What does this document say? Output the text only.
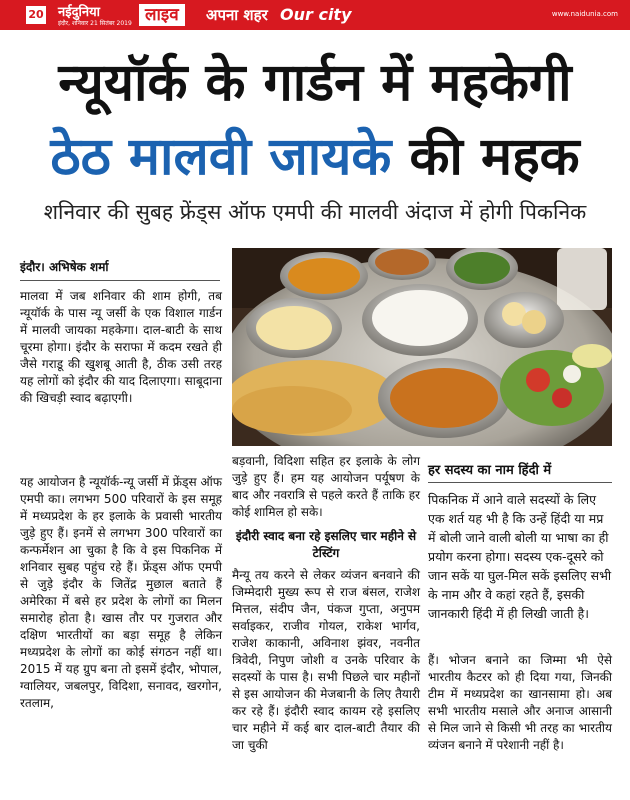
20 नईदुनिया
इंदौर, शनिवार 21 सितंबर 2019 लाइव	अपना शहर Our city	www.naidunia.com
न्यूयॉर्क के गार्डन में महकेगी
ठेठ मालवी जायके की महक
शनिवार की सुबह फ्रेंड्स ऑफ एमपी की मालवी अंदाज में होगी पिकनिक
इंदौर। अभिषेक शर्मा

मालवा में जब शनिवार की शाम होगी, तब न्यूयॉर्क के पास न्यू जर्सी के एक विशाल गार्डन में मालवी जायका महकेगा। दाल-बाटी के साथ चूरमा होगा। इंदौर के सराफा में कदम रखते ही जैसे गराडू की खुशबू आती है, ठीक उसी तरह यह लोगों को इंदौर की याद दिलाएगा। साबूदाना की खिचड़ी स्वाद बढ़ाएगी।

यह आयोजन है न्यूयॉर्क-न्यू जर्सी में फ्रेंड्स ऑफ एमपी का। लगभग 500 परिवारों के इस समूह में मध्यप्रदेश के हर इलाके के प्रवासी भारतीय जुड़े हुए हैं। इनमें से लगभग 300 परिवारों का कन्फर्मेशन आ चुका है कि वे इस पिकनिक में शनिवार सुबह पहुंच रहे हैं। फ्रेंड्स ऑफ एमपी से जुड़े इंदौर के जितेंद्र मुछाल बताते हैं अमेरिका में बसे हर प्रदेश के लोगों का मिलन समारोह होता है। खास तौर पर गुजरात और दक्षिण भारतीयों का बड़ा समूह है लेकिन मध्यप्रदेश के लोगों का कोई संगठन नहीं था। 2015 में यह ग्रुप बना तो इसमें इंदौर, भोपाल, ग्वालियर, जबलपुर, विदिशा, सनावद, खरगोन, रतलाम,

बड़वानी, विदिशा सहित हर इलाके के लोग जुड़े हुए हैं। हम यह आयोजन पर्यूषण के बाद और नवरात्रि से पहले करते हैं ताकि हर कोई शामिल हो सके।

इंदौरी स्वाद बना रहे इसलिए चार महीने से टेस्टिंग

मैन्यू तय करने से लेकर व्यंजन बनवाने की जिम्मेदारी मुख्य रूप से राज बंसल, राजेश मित्तल, संदीप जैन, पंकज गुप्ता, अनुपम सर्वाइकर, राजीव गोयल, राकेश भार्गव, राजेश काकानी, अविनाश झंवर, नवनीत त्रिवेदी, निपुण जोशी व उनके परिवार के सदस्यों के पास है। सभी पिछले चार महीनों से इस आयोजन की मेजबानी के लिए तैयारी कर रहे हैं। इंदौरी स्वाद कायम रहे इसलिए चार महीने में कई बार दाल-बाटी तैयार की जा चुकी

हर सदस्य का नाम हिंदी में

पिकनिक में आने वाले सदस्यों के लिए एक शर्त यह भी है कि उन्हें हिंदी या मप्र में बोली जाने वाली बोली या भाषा का ही प्रयोग करना होगा। सदस्य एक-दूसरे को जान सकें या घुल-मिल सकें इसलिए सभी के नाम और वे कहां रहते हैं, इसकी जानकारी हिंदी में ही लिखी जाती है।

हैं। भोजन बनाने का जिम्मा भी ऐसे भारतीय कैटरर को ही दिया गया, जिनकी टीम में मध्यप्रदेश का खानसामा हो। अब सभी भारतीय मसाले और अनाज आसानी से मिल जाने से किसी भी तरह का भारतीय व्यंजन बनाने में परेशानी नहीं है।
